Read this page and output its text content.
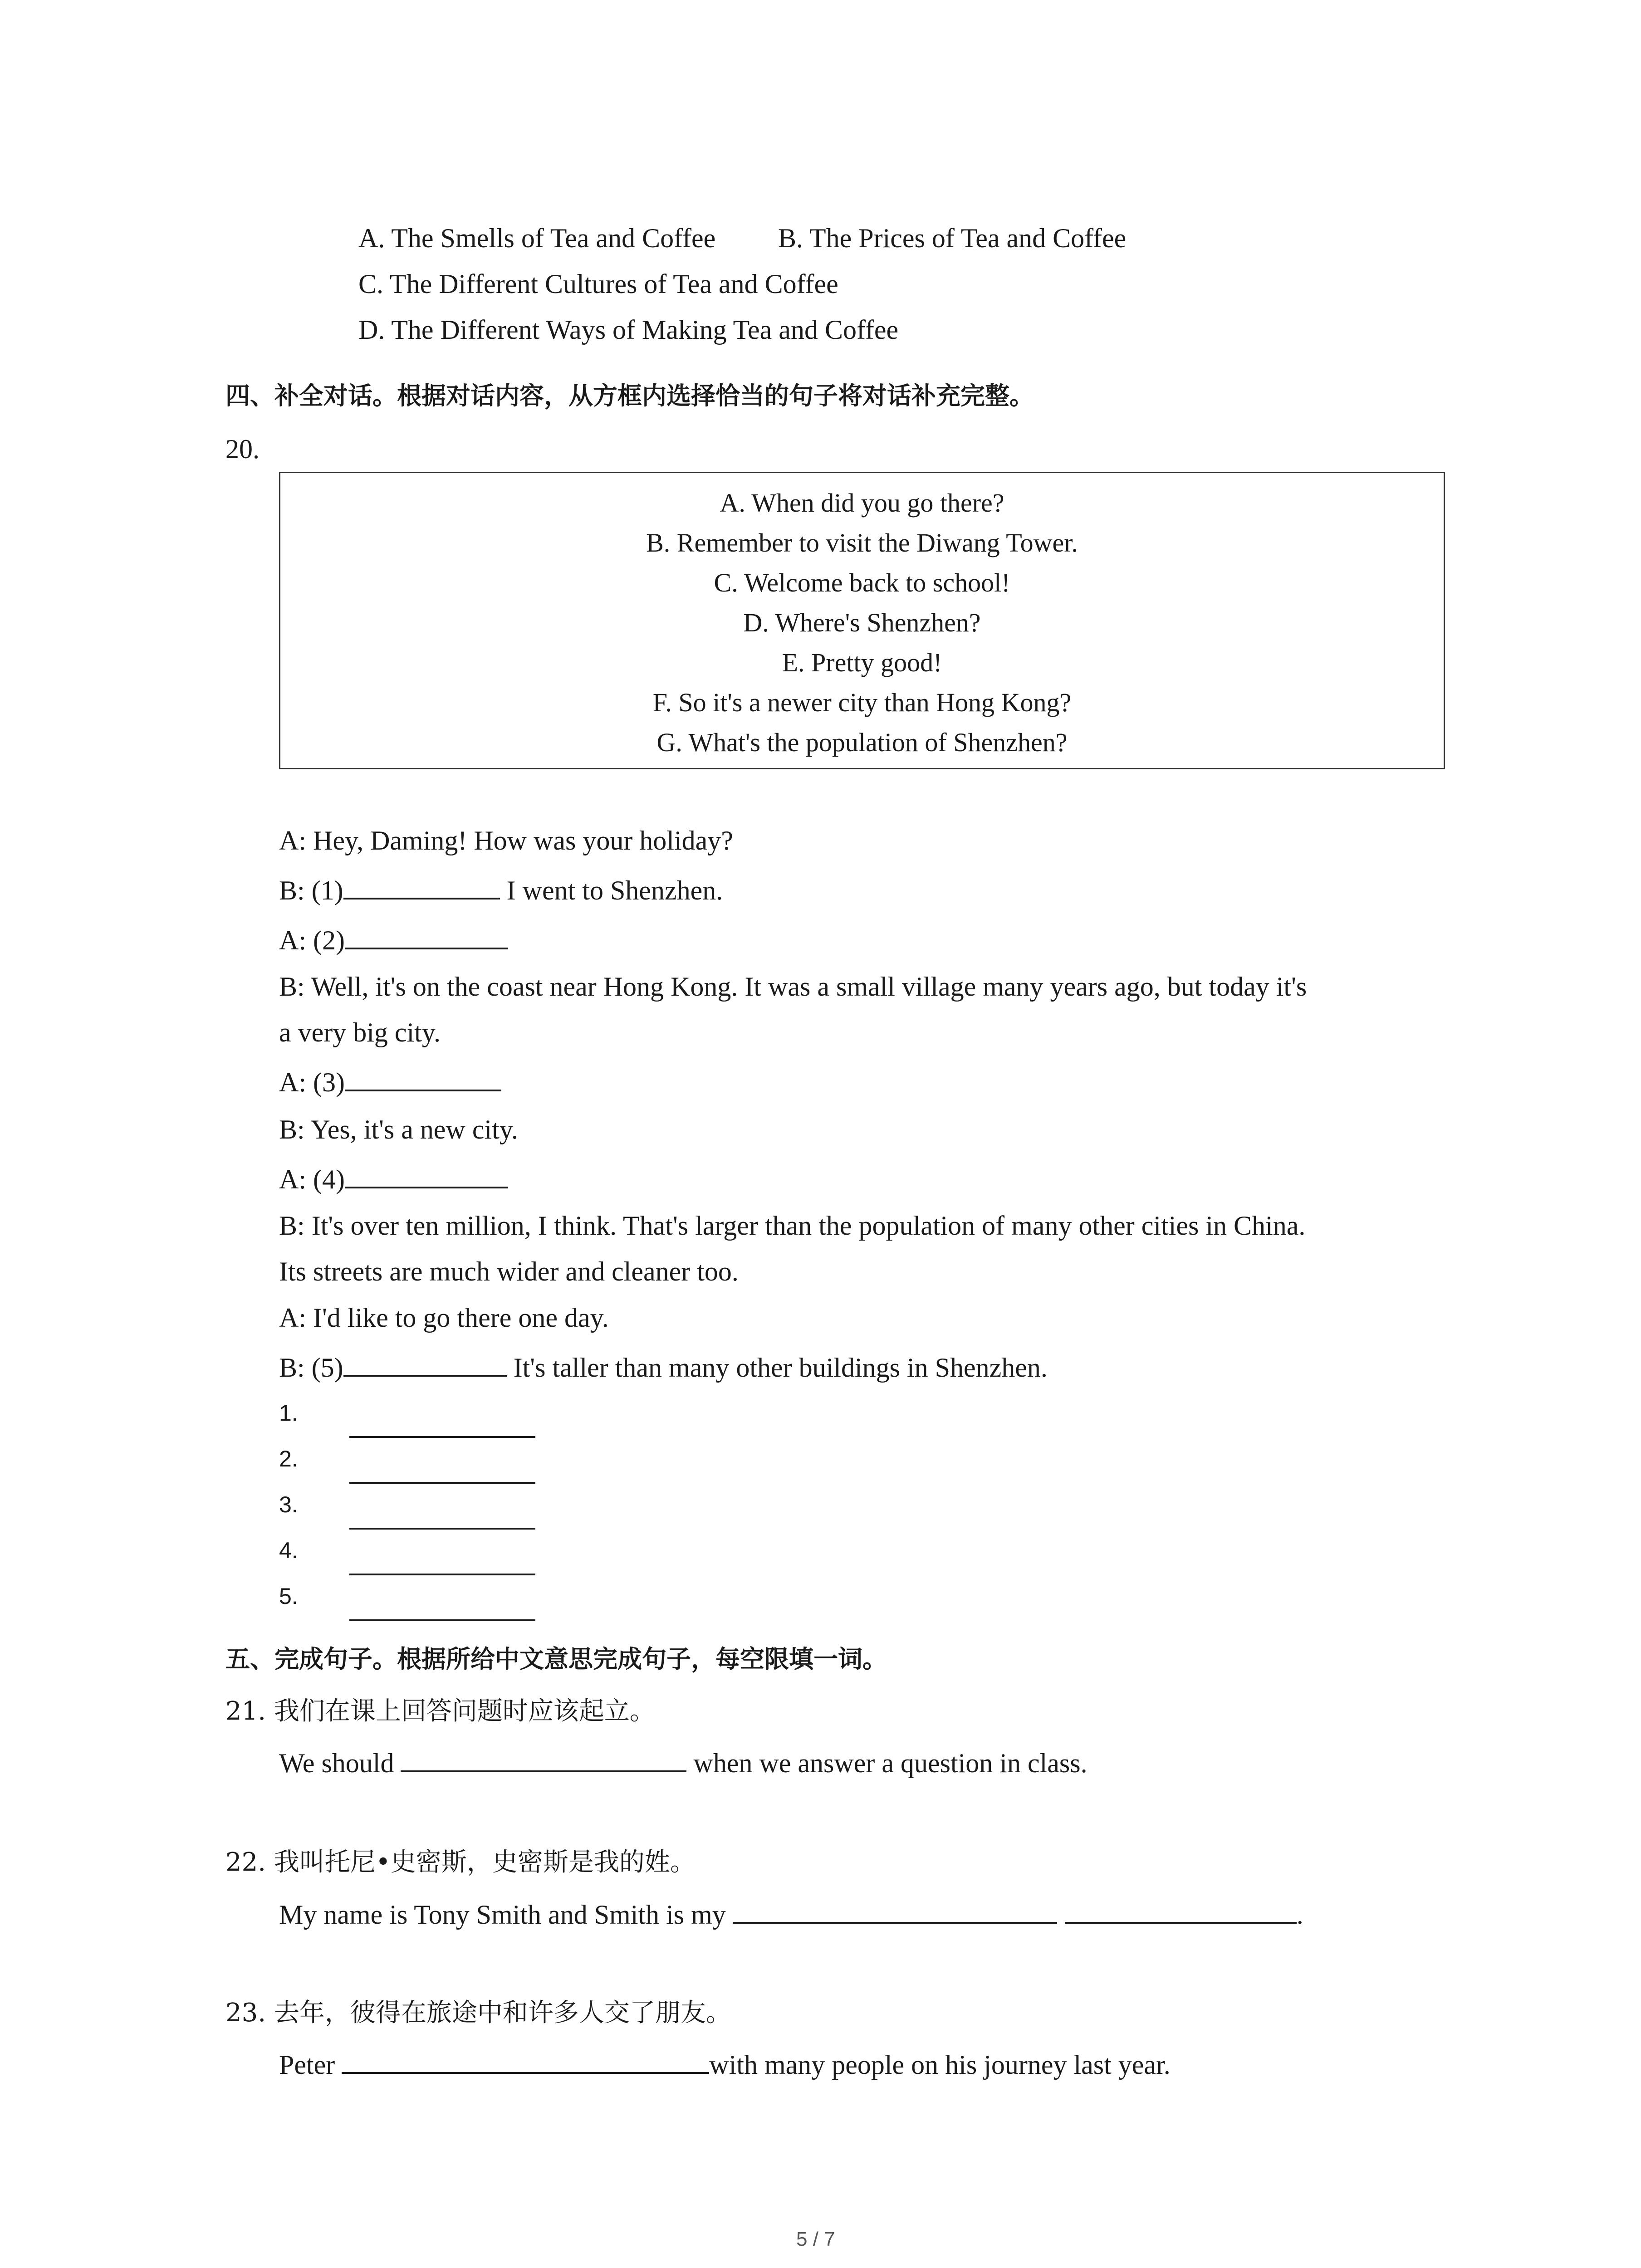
A. The Smells of Tea and Coffee B. The Prices of Tea and Coffee
C. The Different Cultures of Tea and Coffee
D. The Different Ways of Making Tea and Coffee
四、补全对话。根据对话内容，从方框内选择恰当的句子将对话补充完整。
20.
A. When did you go there?
B. Remember to visit the Diwang Tower.
C. Welcome back to school!
D. Where's Shenzhen?
E. Pretty good!
F. So it's a newer city than Hong Kong?
G. What's the population of Shenzhen?
A: Hey, Daming! How was your holiday?
B: (1)	I went to Shenzhen.
A: (2)
B: Well, it's on the coast near Hong Kong. It was a small village many years ago, but today it's
a very big city.
A: (3)
B: Yes, it's a new city.
A: (4)
B: It's over ten million, I think. That's larger than the population of many other cities in China.
Its streets are much wider and cleaner too.
A: I'd like to go there one day.
B: (5)	It's taller than many other buildings in Shenzhen.
1.
2.
3.
4.
5.
五、完成句子。根据所给中文意思完成句子，每空限填一词。
21. 我们在课上回答问题时应该起立。
We should	when we answer a question in class.
22. 我叫托尼•史密斯，史密斯是我的姓。
My name is Tony Smith and Smith is my	.
23. 去年，彼得在旅途中和许多人交了朋友。
Peter	with many people on his journey last year.
5 / 7
